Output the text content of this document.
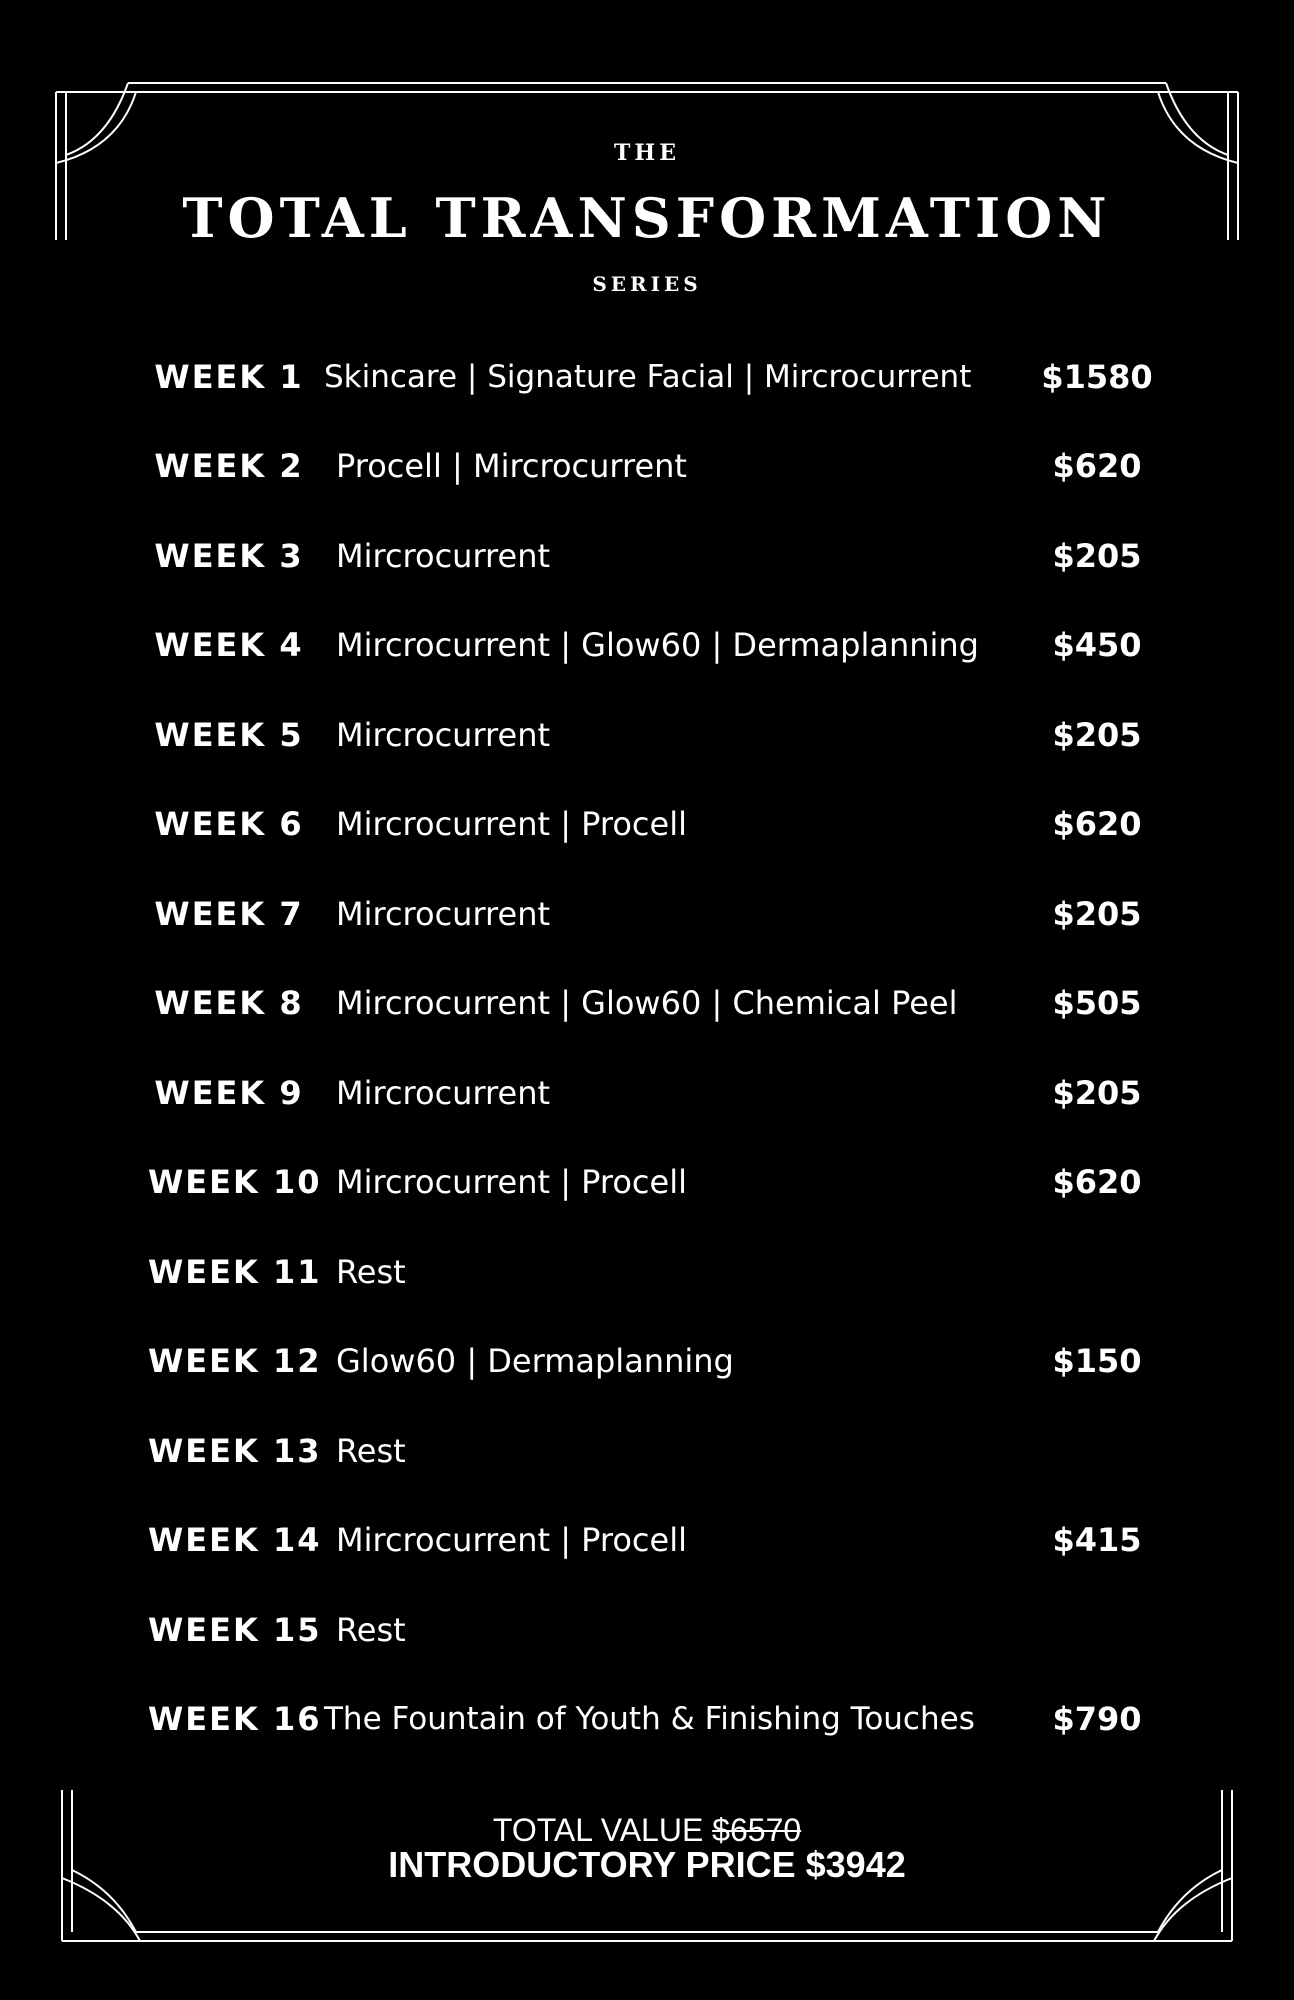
THE
TOTAL TRANSFORMATION
SERIES
WEEK 1 Skincare | Signature Facial | Mircrocurrent $1580
WEEK 2 Procell | Mircrocurrent	$620
WEEK 3 Mircrocurrent	$205
WEEK 4 Mircrocurrent | Glow60 | Dermaplanning	$450
WEEK 5 Mircrocurrent	$205
WEEK 6 Mircrocurrent | Procell	$620
WEEK 7 Mircrocurrent	$205
WEEK 8 Mircrocurrent | Glow60 | Chemical Peel	$505
WEEK 9 Mircrocurrent	$205
WEEK 10 Mircrocurrent | Procell	$620
WEEK 11 Rest
WEEK 12 Glow60 | Dermaplanning	$150
WEEK 13 Rest
WEEK 14 Mircrocurrent | Procell	$415
WEEK 15 Rest
WEEK 16 The Fountain of Youth & Finishing Touches	$790
TOTAL VALUE $6570
INTRODUCTORY PRICE $3942
